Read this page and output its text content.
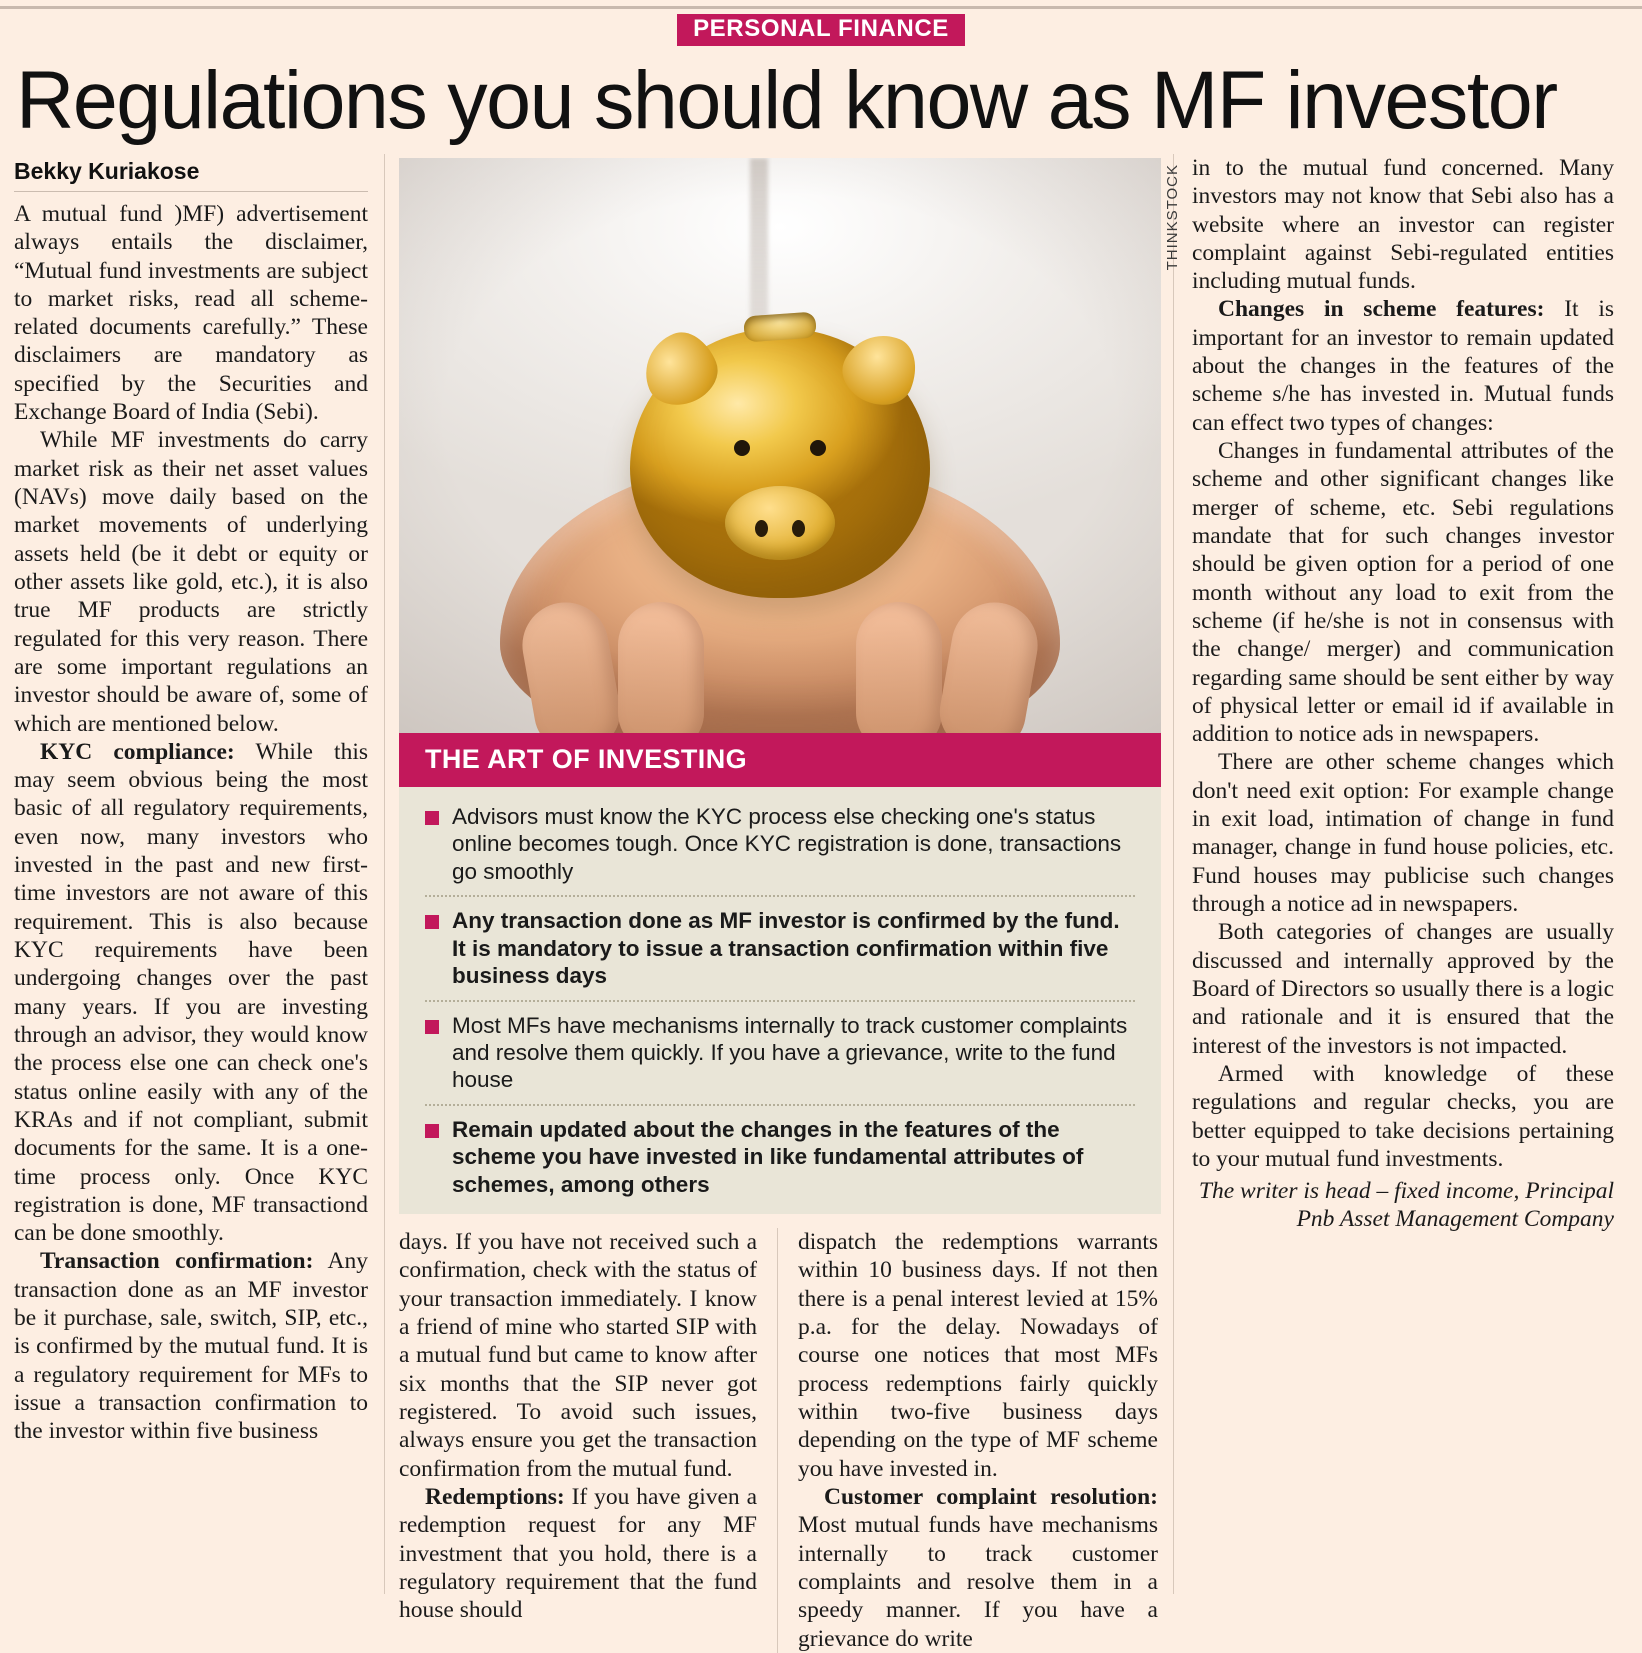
PERSONAL FINANCE
Regulations you should know as MF investor
Bekky Kuriakose

A mutual fund )MF) advertisement always entails the disclaimer, “Mutual fund investments are subject to market risks, read all scheme-related documents carefully.” These disclaimers are mandatory as specified by the Securities and Exchange Board of India (Sebi).

While MF investments do carry market risk as their net asset values (NAVs) move daily based on the market movements of underlying assets held (be it debt or equity or other assets like gold, etc.), it is also true MF products are strictly regulated for this very reason. There are some important regulations an investor should be aware of, some of which are mentioned below.

KYC compliance: While this may seem obvious being the most basic of all regulatory requirements, even now, many investors who invested in the past and new first-time investors are not aware of this requirement. This is also because KYC requirements have been undergoing changes over the past many years. If you are investing through an advisor, they would know the process else one can check one's status online easily with any of the KRAs and if not compliant, submit documents for the same. It is a one-time process only. Once KYC registration is done, MF transactiond can be done smoothly.

Transaction confirmation: Any transaction done as an MF investor be it purchase, sale, switch, SIP, etc., is confirmed by the mutual fund. It is a regulatory requirement for MFs to issue a transaction confirmation to the investor within five business

THINKSTOCK
THE ART OF INVESTING
Advisors must know the KYC process else checking one's status online becomes tough. Once KYC registration is done, transactions go smoothly
Any transaction done as MF investor is confirmed by the fund. It is mandatory to issue a transaction confirmation within five business days
Most MFs have mechanisms internally to track customer complaints and resolve them quickly. If you have a grievance, write to the fund house
Remain updated about the changes in the features of the scheme you have invested in like fundamental attributes of schemes, among others

days. If you have not received such a confirmation, check with the status of your transaction immediately. I know a friend of mine who started SIP with a mutual fund but came to know after six months that the SIP never got registered. To avoid such issues, always ensure you get the transaction confirmation from the mutual fund.

Redemptions: If you have given a redemption request for any MF investment that you hold, there is a regulatory requirement that the fund house should

dispatch the redemptions warrants within 10 business days. If not then there is a penal interest levied at 15% p.a. for the delay. Nowadays of course one notices that most MFs process redemptions fairly quickly within two-five business days depending on the type of MF scheme you have invested in.

Customer complaint resolution: Most mutual funds have mechanisms internally to track customer complaints and resolve them in a speedy manner. If you have a grievance do write

in to the mutual fund concerned. Many investors may not know that Sebi also has a website where an investor can register complaint against Sebi-regulated entities including mutual funds.

Changes in scheme features: It is important for an investor to remain updated about the changes in the features of the scheme s/he has invested in. Mutual funds can effect two types of changes:

Changes in fundamental attributes of the scheme and other significant changes like merger of scheme, etc. Sebi regulations mandate that for such changes investor should be given option for a period of one month without any load to exit from the scheme (if he/she is not in consensus with the change/ merger) and communication regarding same should be sent either by way of physical letter or email id if available in addition to notice ads in newspapers.

There are other scheme changes which don't need exit option: For example change in exit load, intimation of change in fund manager, change in fund house policies, etc. Fund houses may publicise such changes through a notice ad in newspapers.

Both categories of changes are usually discussed and internally approved by the Board of Directors so usually there is a logic and rationale and it is ensured that the interest of the investors is not impacted.

Armed with knowledge of these regulations and regular checks, you are better equipped to take decisions pertaining to your mutual fund investments.

The writer is head – fixed income, Principal Pnb Asset Management Company
